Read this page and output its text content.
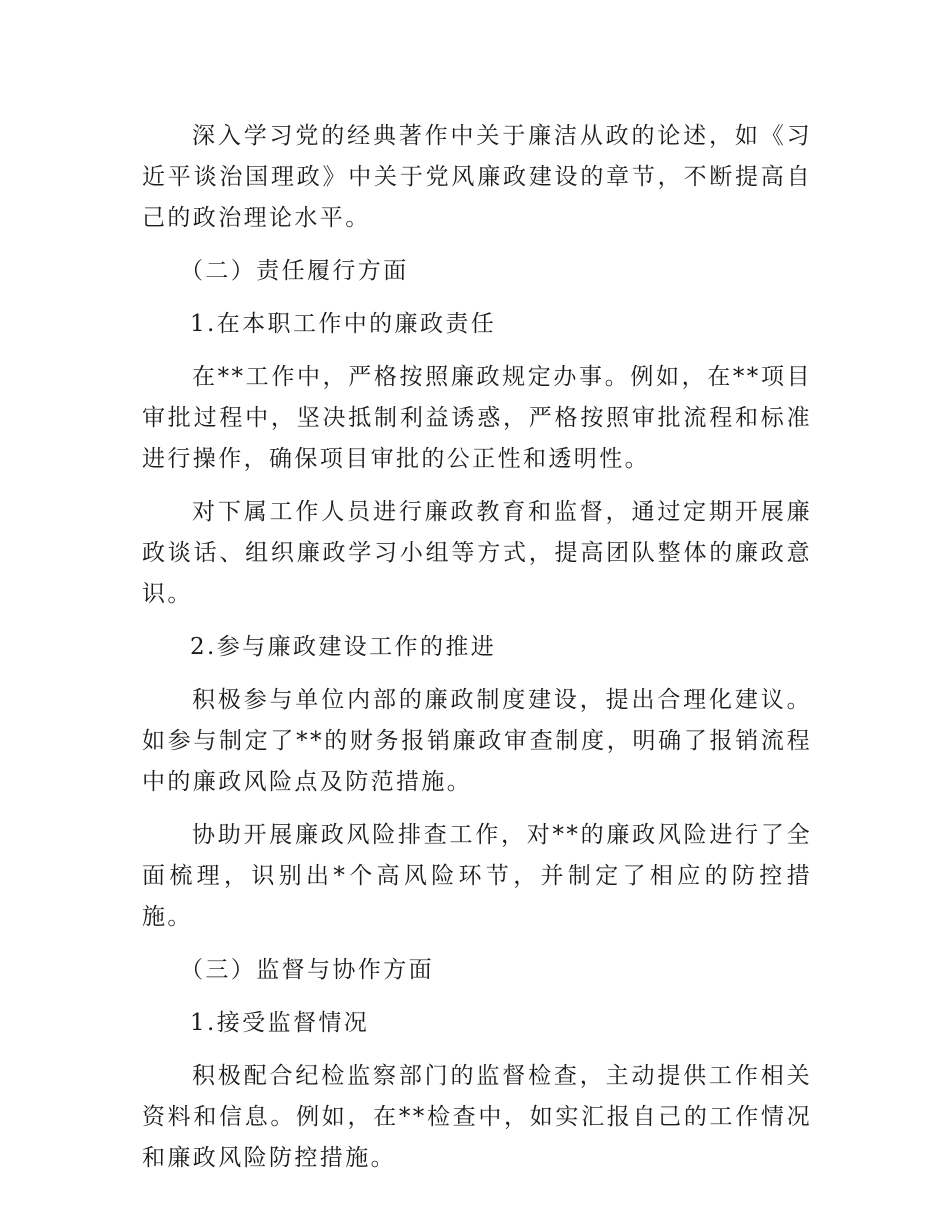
深入学习党的经典著作中关于廉洁从政的论述，如《习近平谈治国理政》中关于党风廉政建设的章节，不断提高自己的政治理论水平。

（二）责任履行方面

1.在本职工作中的廉政责任

在**工作中，严格按照廉政规定办事。例如，在**项目审批过程中，坚决抵制利益诱惑，严格按照审批流程和标准进行操作，确保项目审批的公正性和透明性。

对下属工作人员进行廉政教育和监督，通过定期开展廉政谈话、组织廉政学习小组等方式，提高团队整体的廉政意识。

2.参与廉政建设工作的推进

积极参与单位内部的廉政制度建设，提出合理化建议。如参与制定了**的财务报销廉政审查制度，明确了报销流程中的廉政风险点及防范措施。

协助开展廉政风险排查工作，对**的廉政风险进行了全面梳理，识别出*个高风险环节，并制定了相应的防控措施。

（三）监督与协作方面

1.接受监督情况

积极配合纪检监察部门的监督检查，主动提供工作相关资料和信息。例如，在**检查中，如实汇报自己的工作情况和廉政风险防控措施。
